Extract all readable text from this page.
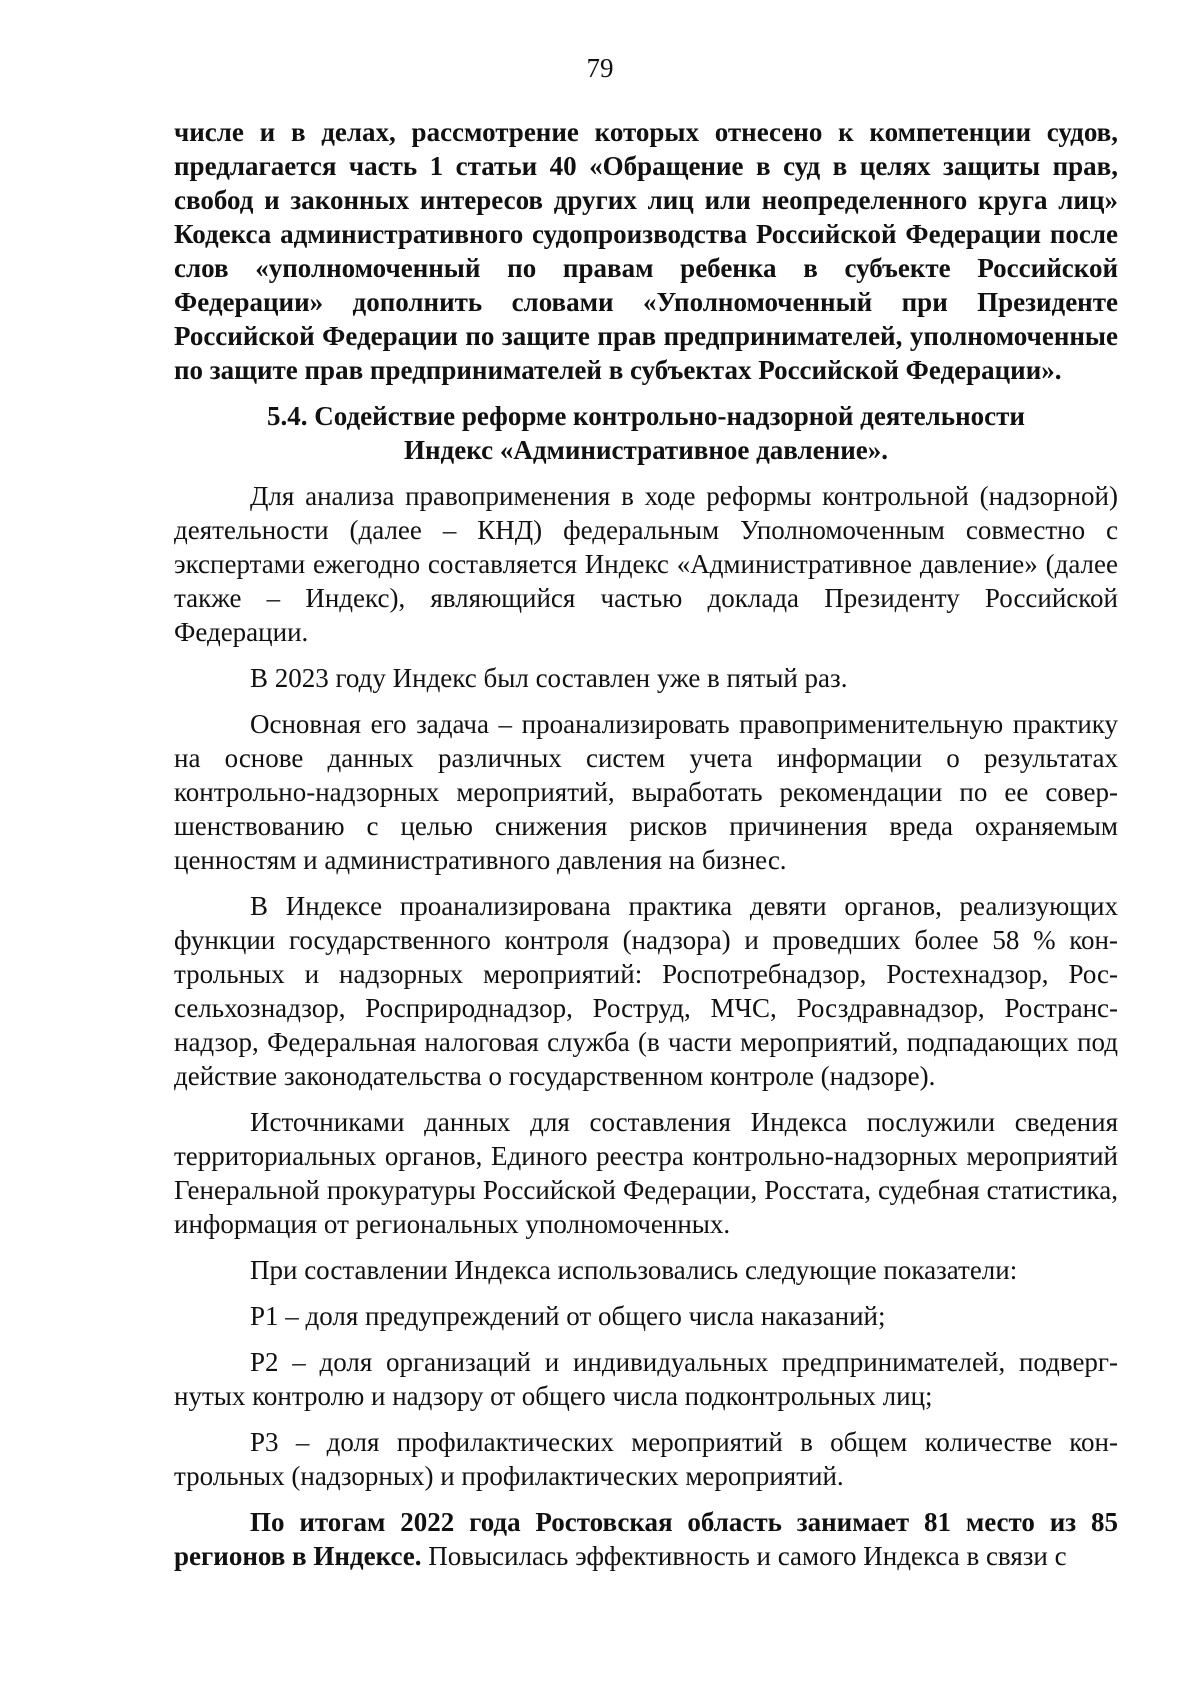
79

числе и в делах, рассмотрение которых отнесено к компетенции судов, предлагается часть 1 статьи 40 «Обращение в суд в целях защиты прав, свобод и законных интересов других лиц или неопределенного круга лиц» Кодекса административного судопроизводства Российской Федерации после слов «уполномоченный по правам ребенка в субъекте Российской Федерации» дополнить словами «Уполномоченный при Президенте Российской Федерации по защите прав предпринимателей, уполномоченные по защите прав предпринимателей в субъектах Российской Федерации».

5.4. Содействие реформе контрольно-надзорной деятельности
Индекс «Административное давление».

Для анализа правоприменения в ходе реформы контрольной (надзорной) деятельности (далее – КНД) федеральным Уполномоченным совместно с экспертами ежегодно составляется Индекс «Административное давление» (далее также – Индекс), являющийся частью доклада Президенту Российской Федерации.

В 2023 году Индекс был составлен уже в пятый раз.

Основная его задача – проанализировать правоприменительную практику на основе данных различных систем учета информации о результатах контрольно-надзорных мероприятий, выработать рекомендации по ее совершенствованию с целью снижения рисков причинения вреда охраняемым ценностям и административного давления на бизнес.

В Индексе проанализирована практика девяти органов, реализующих функции государственного контроля (надзора) и проведших более 58 % контрольных и надзорных мероприятий: Роспотребнадзор, Ростехнадзор, Россельхознадзор, Росприроднадзор, Роструд, МЧС, Росздравнадзор, Ространснадзор, Федеральная налоговая служба (в части мероприятий, подпадающих под действие законодательства о государственном контроле (надзоре).

Источниками данных для составления Индекса послужили сведения территориальных органов, Единого реестра контрольно-надзорных мероприятий Генеральной прокуратуры Российской Федерации, Росстата, судебная статистика, информация от региональных уполномоченных.

При составлении Индекса использовались следующие показатели:

P1 – доля предупреждений от общего числа наказаний;

P2 – доля организаций и индивидуальных предпринимателей, подвергнутых контролю и надзору от общего числа подконтрольных лиц;

P3 – доля профилактических мероприятий в общем количестве контрольных (надзорных) и профилактических мероприятий.

По итогам 2022 года Ростовская область занимает 81 место из 85 регионов в Индексе. Повысилась эффективность и самого Индекса в связи с
